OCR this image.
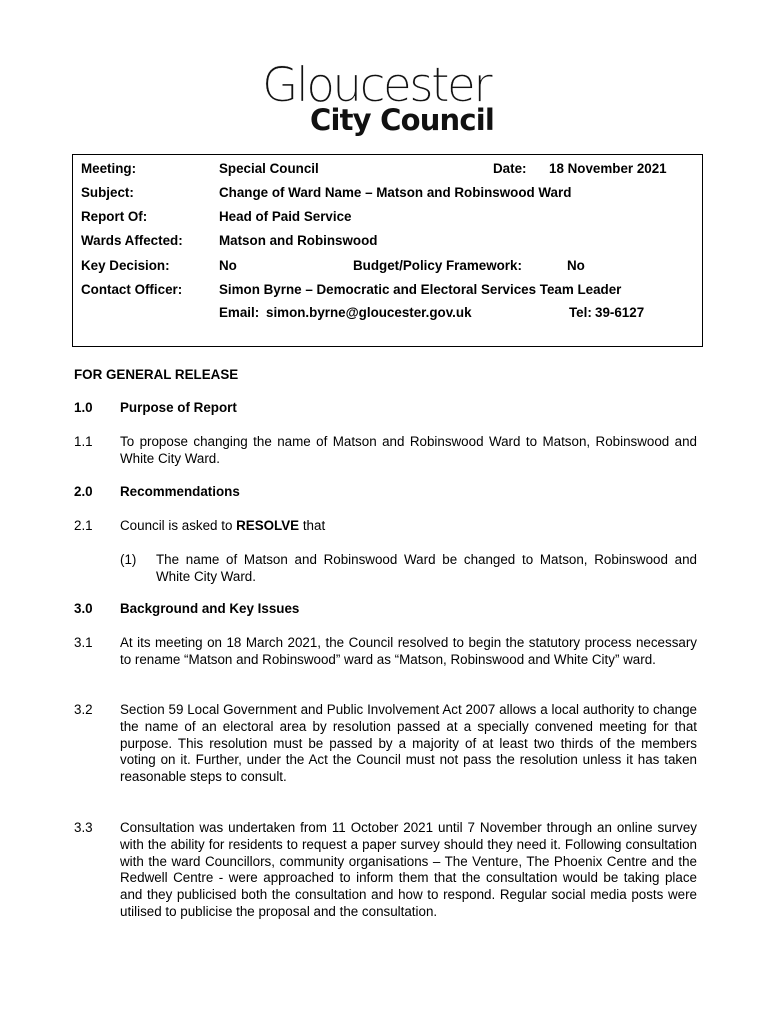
Gloucester
City Council
Meeting:	Special Council	Date: 18 November 2021
Subject:	Change of Ward Name – Matson and Robinswood Ward
Report Of:	Head of Paid Service
Wards Affected:	Matson and Robinswood
Key Decision:	No	Budget/Policy Framework:	No
Contact Officer:	Simon Byrne – Democratic and Electoral Services Team Leader
Email: simon.byrne@gloucester.gov.uk	Tel: 39-6127
FOR GENERAL RELEASE
1.0 Purpose of Report
1.1 To propose changing the name of Matson and Robinswood Ward to Matson, Robinswood and White City Ward.
2.0 Recommendations
2.1 Council is asked to RESOLVE that
(1) The name of Matson and Robinswood Ward be changed to Matson, Robinswood and White City Ward.
3.0 Background and Key Issues
3.1 At its meeting on 18 March 2021, the Council resolved to begin the statutory process necessary to rename “Matson and Robinswood” ward as “Matson, Robinswood and White City” ward.
3.2 Section 59 Local Government and Public Involvement Act 2007 allows a local authority to change the name of an electoral area by resolution passed at a specially convened meeting for that purpose. This resolution must be passed by a majority of at least two thirds of the members voting on it. Further, under the Act the Council must not pass the resolution unless it has taken reasonable steps to consult.
3.3 Consultation was undertaken from 11 October 2021 until 7 November through an online survey with the ability for residents to request a paper survey should they need it. Following consultation with the ward Councillors, community organisations – The Venture, The Phoenix Centre and the Redwell Centre - were approached to inform them that the consultation would be taking place and they publicised both the consultation and how to respond. Regular social media posts were utilised to publicise the proposal and the consultation.
